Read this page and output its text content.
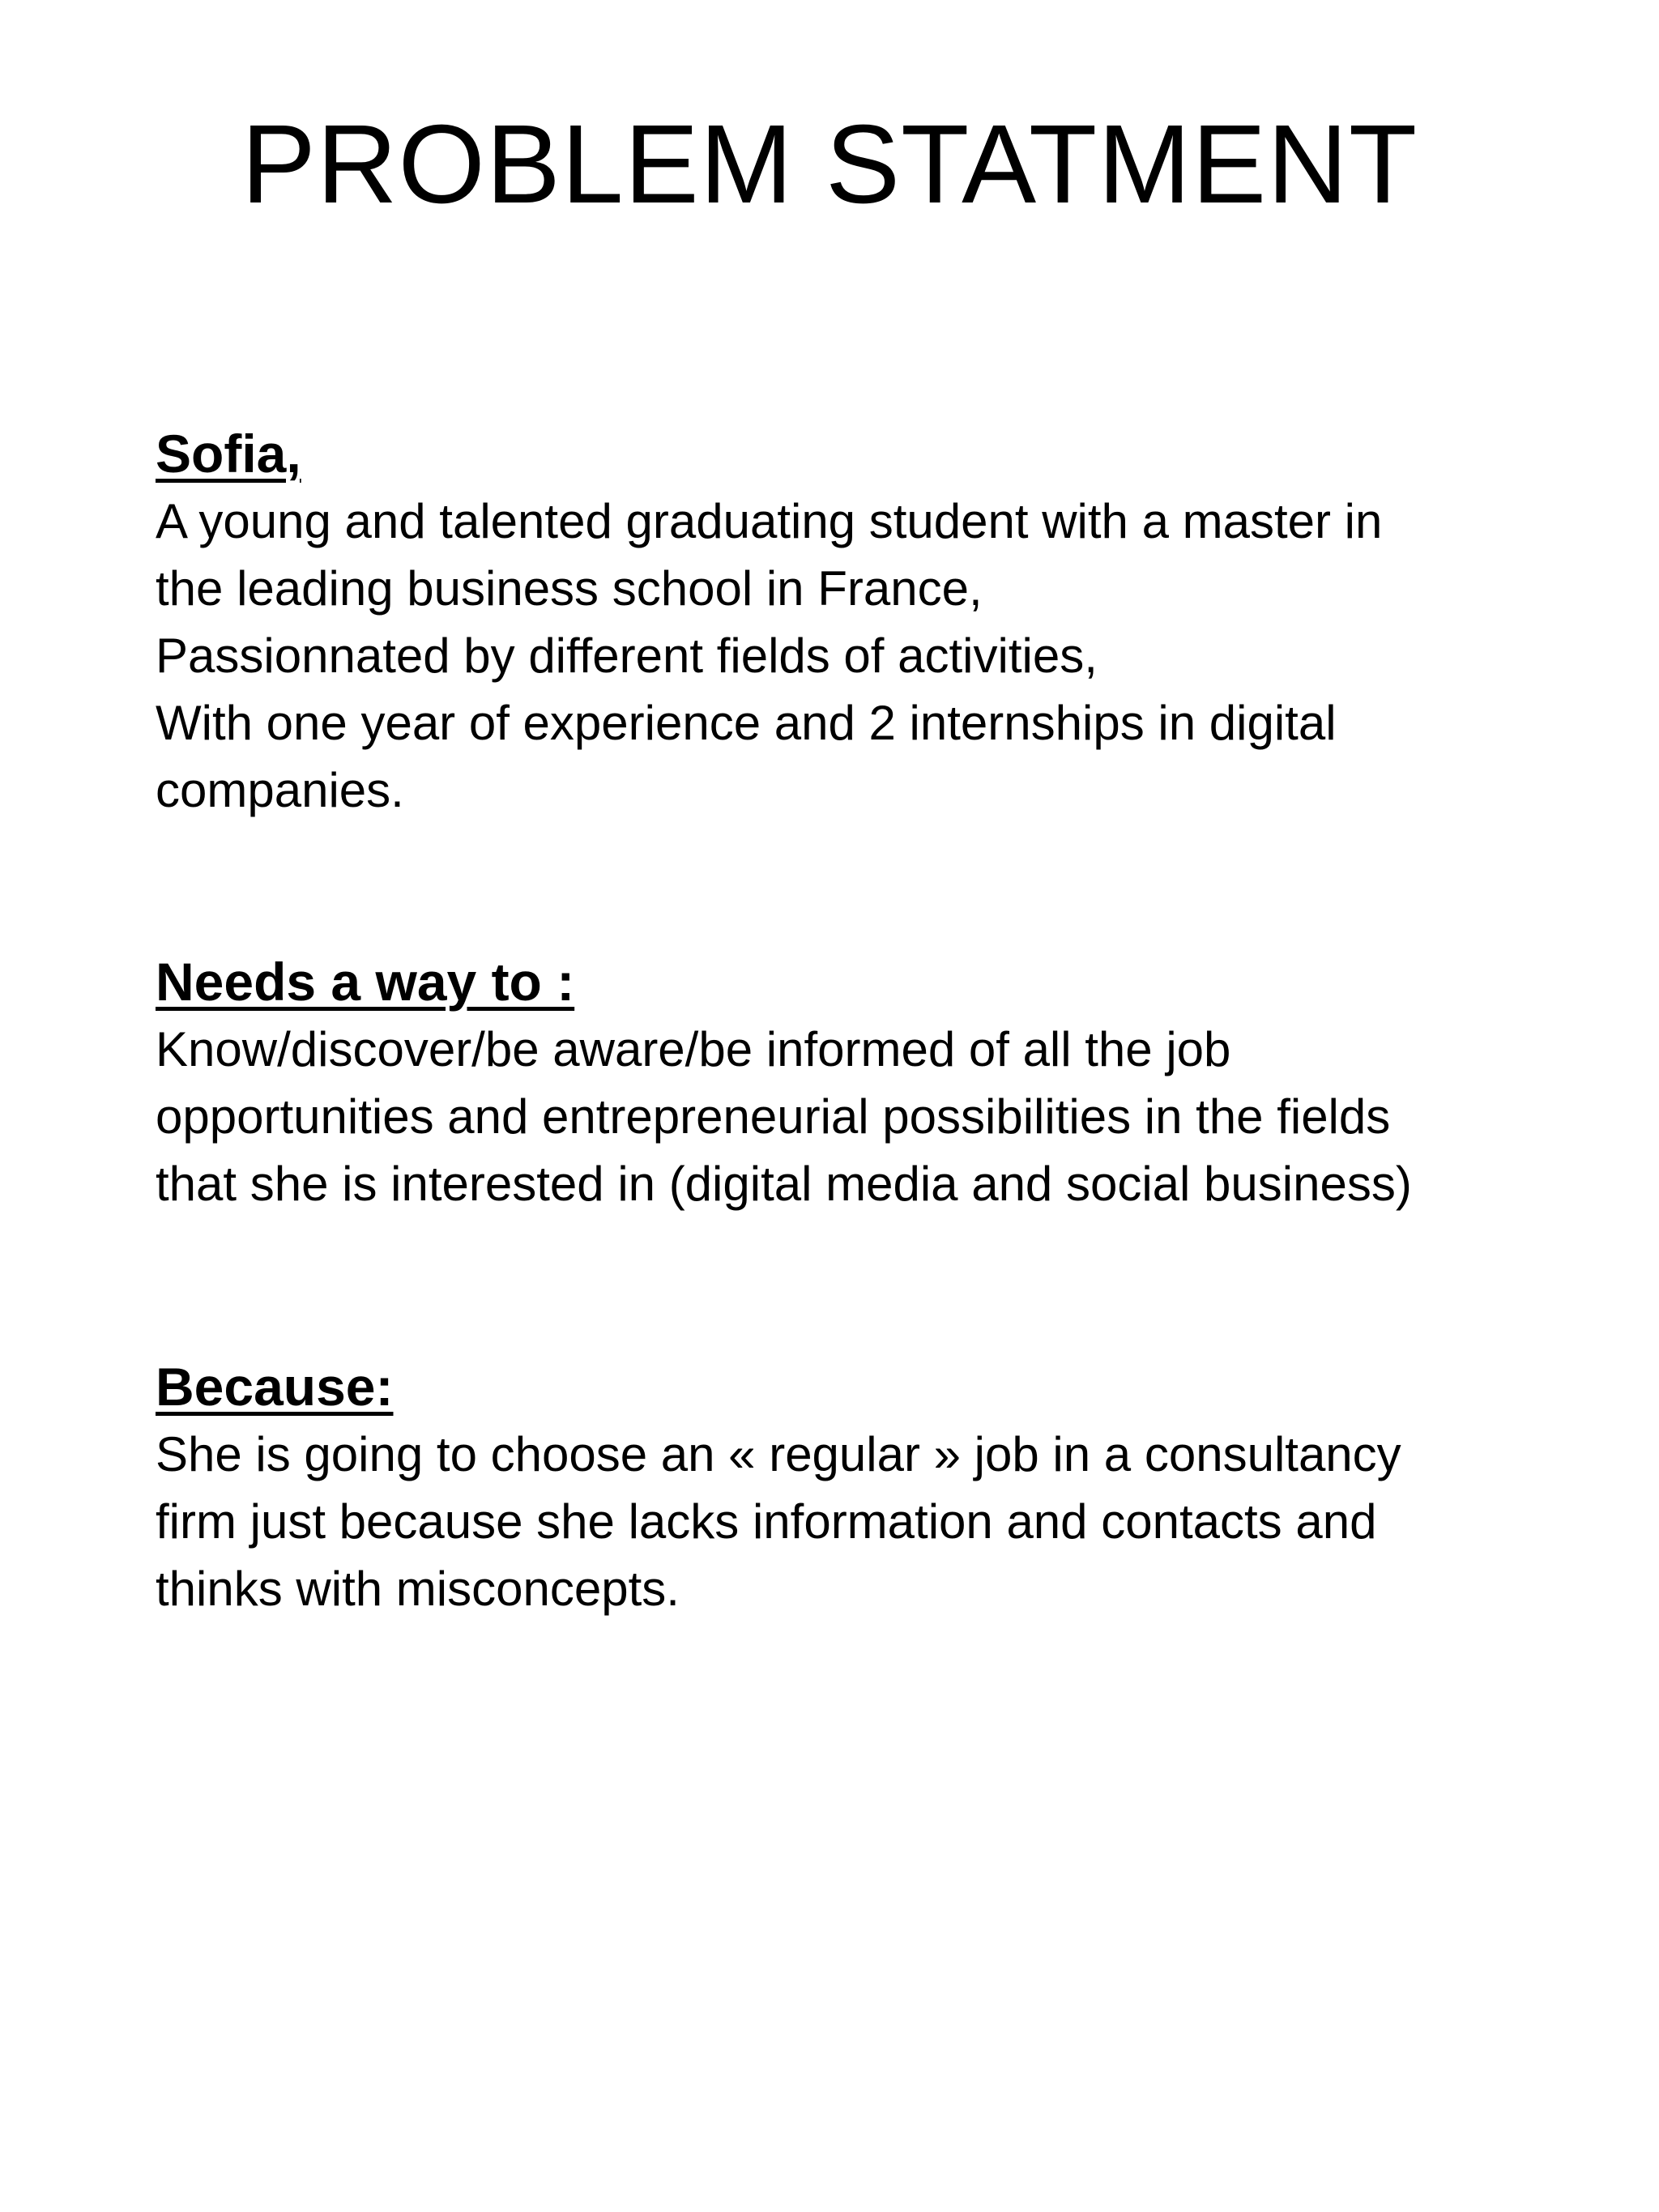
PROBLEM STATMENT

Sofia,

A young and talented graduating student with a master in

the leading business school in France,

Passionnated by different fields of activities,

With one year of experience and 2 internships in digital

companies.

Needs a way to :

Know/discover/be aware/be informed of all the job

opportunities and entrepreneurial possibilities in the fields

that she is interested in (digital media and social business)

Because:

She is going to choose an « regular » job in a consultancy

firm just because she lacks information and contacts and

thinks with misconcepts.
